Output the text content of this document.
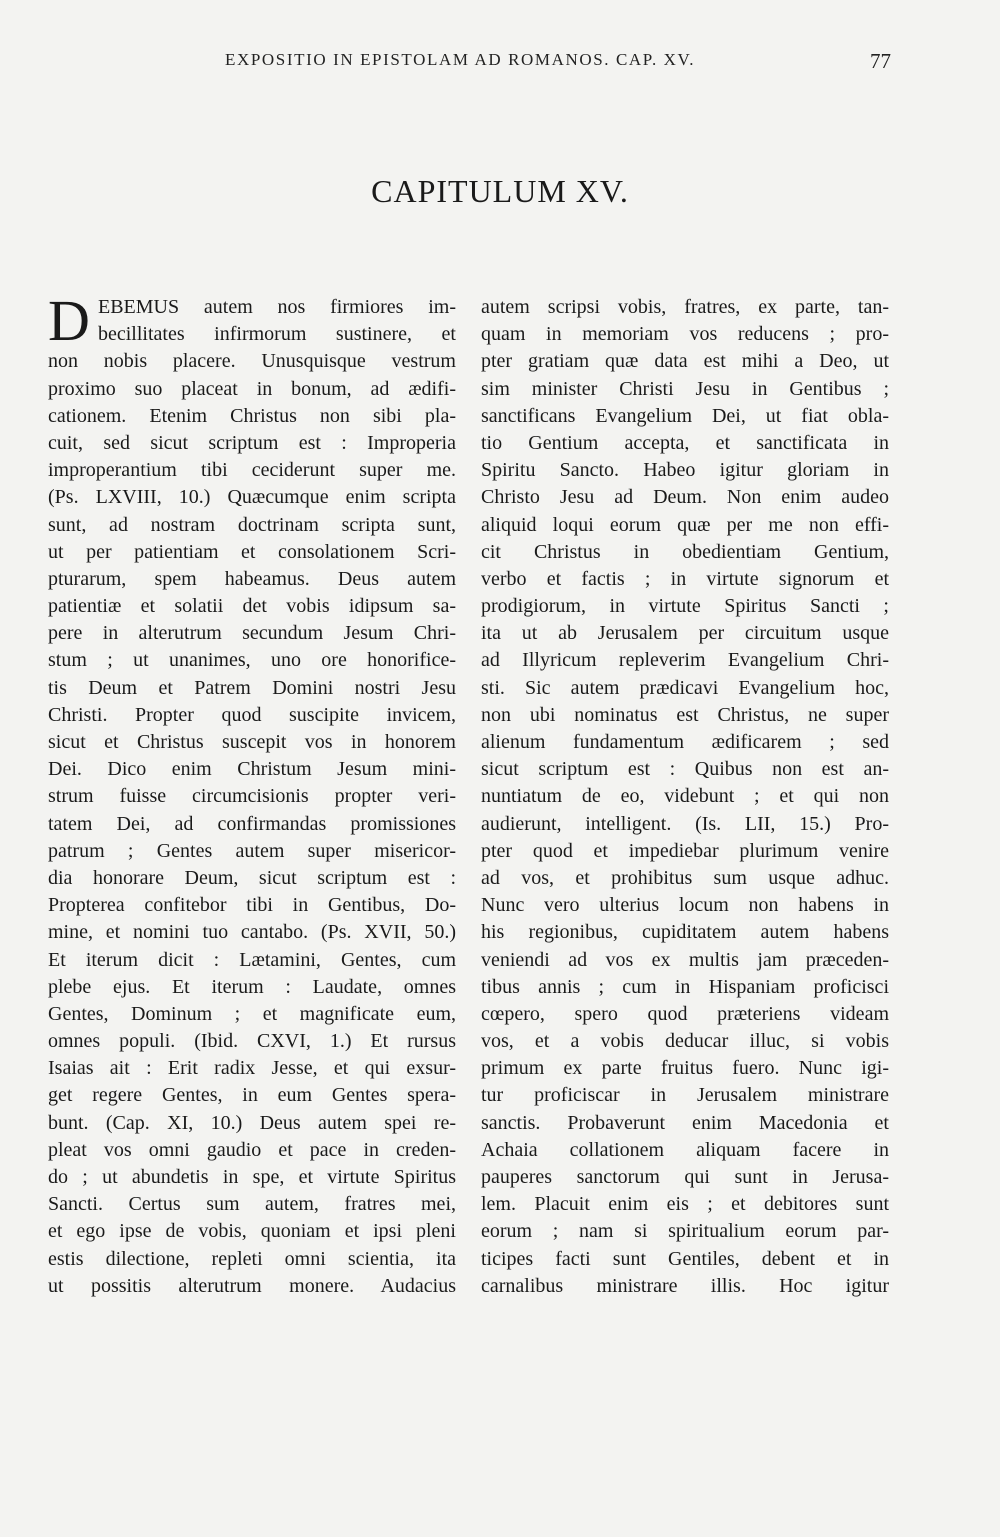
EXPOSITIO IN EPISTOLAM AD ROMANOS. CAP. XV.	77
CAPITULUM XV.
D EBEMUS autem nos firmiores im-
becillitates infirmorum sustinere, et
non nobis placere. Unusquisque vestrum
proximo suo placeat in bonum, ad ædifi-
cationem. Etenim Christus non sibi pla-
cuit, sed sicut scriptum est : Improperia
improperantium tibi ceciderunt super me.
(Ps. LXVIII, 10.) Quæcumque enim scripta
sunt, ad nostram doctrinam scripta sunt,
ut per patientiam et consolationem Scri-
pturarum, spem habeamus. Deus autem
patientiæ et solatii det vobis idipsum sa-
pere in alterutrum secundum Jesum Chri-
stum ; ut unanimes, uno ore honorifice-
tis Deum et Patrem Domini nostri Jesu
Christi. Propter quod suscipite invicem,
sicut et Christus suscepit vos in honorem
Dei. Dico enim Christum Jesum mini-
strum fuisse circumcisionis propter veri-
tatem Dei, ad confirmandas promissiones
patrum ; Gentes autem super misericor-
dia honorare Deum, sicut scriptum est :
Propterea confitebor tibi in Gentibus, Do-
mine, et nomini tuo cantabo. (Ps. XVII, 50.)
Et iterum dicit : Lætamini, Gentes, cum
plebe ejus. Et iterum : Laudate, omnes
Gentes, Dominum ; et magnificate eum,
omnes populi. (Ibid. CXVI, 1.) Et rursus
Isaias ait : Erit radix Jesse, et qui exsur-
get regere Gentes, in eum Gentes spera-
bunt. (Cap. XI, 10.) Deus autem spei re-
pleat vos omni gaudio et pace in creden-
do ; ut abundetis in spe, et virtute Spiritus
Sancti. Certus sum autem, fratres mei,
et ego ipse de vobis, quoniam et ipsi pleni
estis dilectione, repleti omni scientia, ita
ut possitis alterutrum monere. Audacius
autem scripsi vobis, fratres, ex parte, tan-
quam in memoriam vos reducens ; pro-
pter gratiam quæ data est mihi a Deo, ut
sim minister Christi Jesu in Gentibus ;
sanctificans Evangelium Dei, ut fiat obla-
tio Gentium accepta, et sanctificata in
Spiritu Sancto. Habeo igitur gloriam in
Christo Jesu ad Deum. Non enim audeo
aliquid loqui eorum quæ per me non effi-
cit Christus in obedientiam Gentium,
verbo et factis ; in virtute signorum et
prodigiorum, in virtute Spiritus Sancti ;
ita ut ab Jerusalem per circuitum usque
ad Illyricum repleverim Evangelium Chri-
sti. Sic autem prædicavi Evangelium hoc,
non ubi nominatus est Christus, ne super
alienum fundamentum ædificarem ; sed
sicut scriptum est : Quibus non est an-
nuntiatum de eo, videbunt ; et qui non
audierunt, intelligent. (Is. LII, 15.) Pro-
pter quod et impediebar plurimum venire
ad vos, et prohibitus sum usque adhuc.
Nunc vero ulterius locum non habens in
his regionibus, cupiditatem autem habens
veniendi ad vos ex multis jam præceden-
tibus annis ; cum in Hispaniam proficisci
cœpero, spero quod præteriens videam
vos, et a vobis deducar illuc, si vobis
primum ex parte fruitus fuero. Nunc igi-
tur proficiscar in Jerusalem ministrare
sanctis. Probaverunt enim Macedonia et
Achaia collationem aliquam facere in
pauperes sanctorum qui sunt in Jerusa-
lem. Placuit enim eis ; et debitores sunt
eorum ; nam si spiritualium eorum par-
ticipes facti sunt Gentiles, debent et in
carnalibus ministrare illis. Hoc igitur
